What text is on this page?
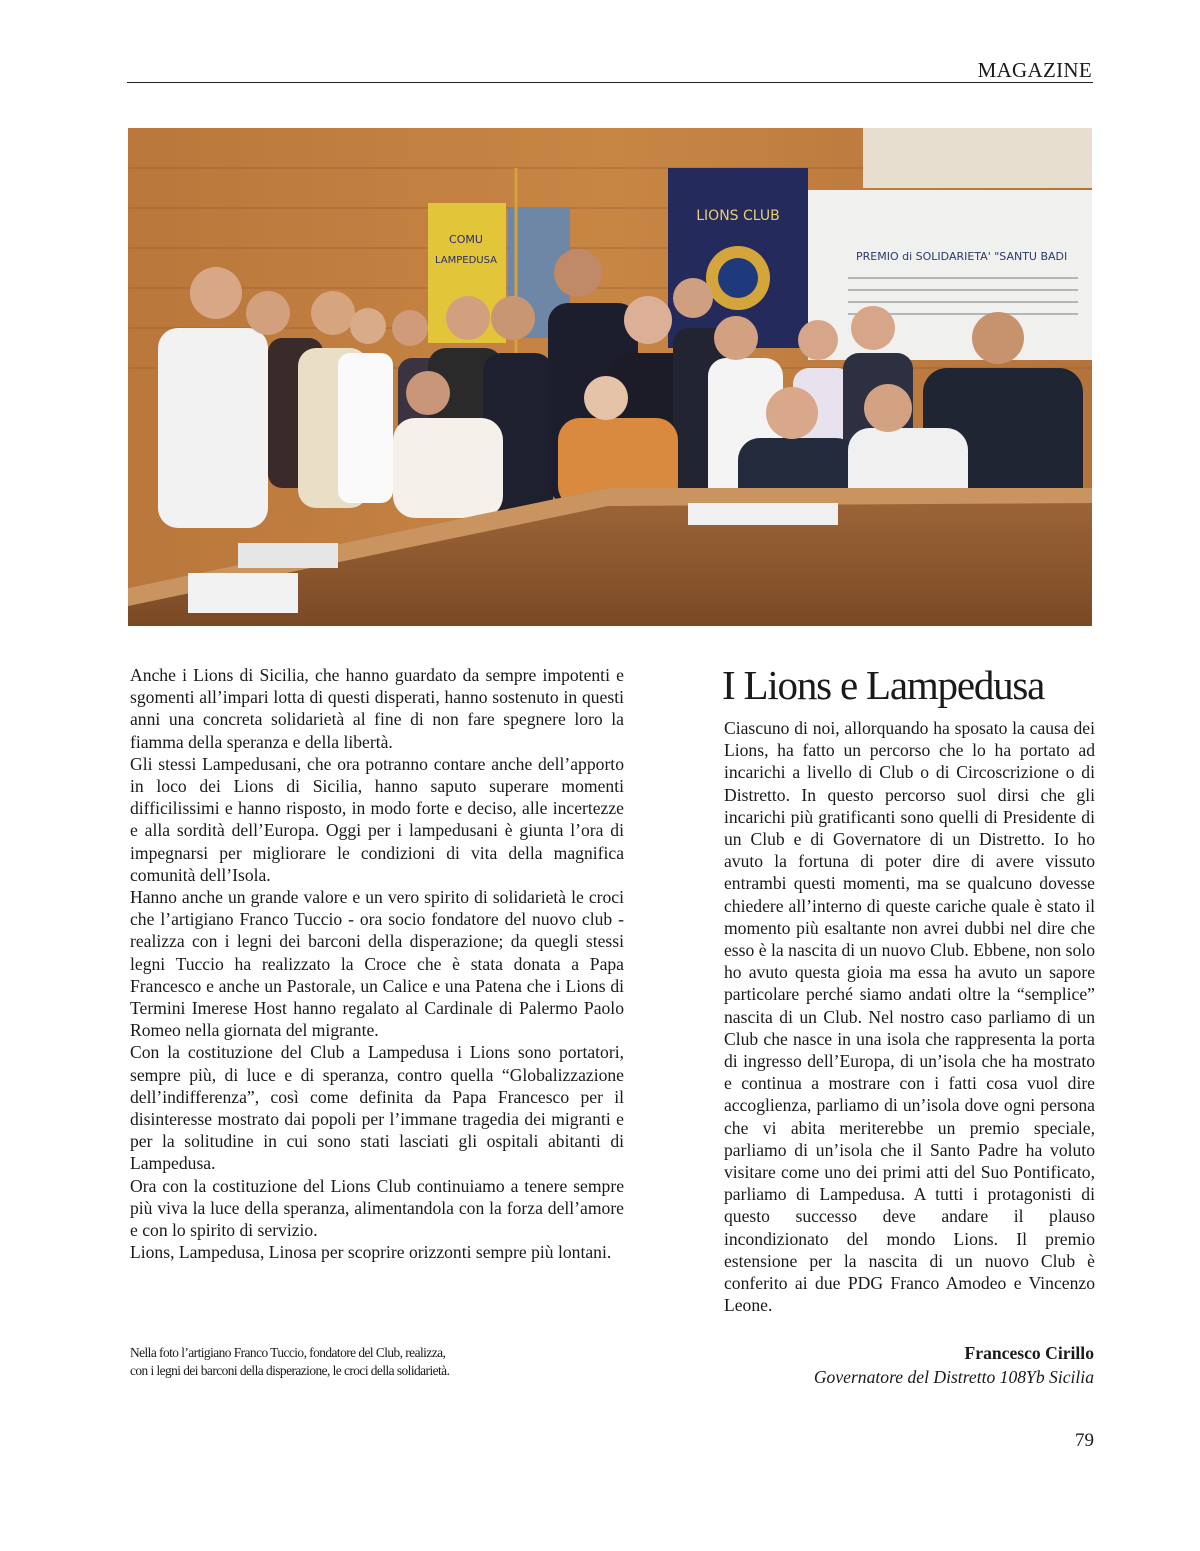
MAGAZINE
COMU
LAMPEDUSA
LIONS CLUB
PREMIO di SOLIDARIETA' "SANTU BADI

Anche i Lions di Sicilia, che hanno guardato da sempre impotenti e sgomenti all’impari lotta di questi disperati, hanno sostenuto in questi anni una concreta solidarietà al fine di non fare spegnere loro la fiamma della speranza e della libertà.

Gli stessi Lampedusani, che ora potranno contare anche dell’apporto in loco dei Lions di Sicilia, hanno saputo superare momenti difficilissimi e hanno risposto, in modo forte e deciso, alle incertezze e alla sordità dell’Europa. Oggi per i lampedusani è giunta l’ora di impegnarsi per migliorare le condizioni di vita della magnifica comunità dell’Isola.

Hanno anche un grande valore e un vero spirito di solidarietà le croci che l’artigiano Franco Tuccio - ora socio fondatore del nuovo club - realizza con i legni dei barconi della disperazione; da quegli stessi legni Tuccio ha realizzato la Croce che è stata donata a Papa Francesco e anche un Pastorale, un Calice e una Patena che i Lions di Termini Imerese Host hanno regalato al Cardinale di Palermo Paolo Romeo nella giornata del migrante.

Con la costituzione del Club a Lampedusa i Lions sono portatori, sempre più, di luce e di speranza, contro quella “Globalizzazione dell’indifferenza”, così come definita da Papa Francesco per il disinteresse mostrato dai popoli per l’immane tragedia dei migranti e per la solitudine in cui sono stati lasciati gli ospitali abitanti di Lampedusa.

Ora con la costituzione del Lions Club continuiamo a tenere sempre più viva la luce della speranza, alimentandola con la forza dell’amore e con lo spirito di servizio.

Lions, Lampedusa, Linosa per scoprire orizzonti sempre più lontani.

Nella foto l’artigiano Franco Tuccio, fondatore del Club, realizza,

con i legni dei barconi della disperazione, le croci della solidarietà.

I Lions e Lampedusa

Ciascuno di noi, allorquando ha sposato la causa dei Lions, ha fatto un percorso che lo ha portato ad incarichi a livello di Club o di Circoscrizione o di Distretto. In questo percorso suol dirsi che gli incarichi più gratificanti sono quelli di Presidente di un Club e di Governatore di un Distretto. Io ho avuto la fortuna di poter dire di avere vissuto entrambi questi momenti, ma se qualcuno dovesse chiedere all’interno di queste cariche quale è stato il momento più esaltante non avrei dubbi nel dire che esso è la nascita di un nuovo Club. Ebbene, non solo ho avuto questa gioia ma essa ha avuto un sapore particolare perché siamo andati oltre la “semplice” nascita di un Club. Nel nostro caso parliamo di un Club che nasce in una isola che rappresenta la porta di ingresso dell’Europa, di un’isola che ha mostrato e continua a mostrare con i fatti cosa vuol dire accoglienza, parliamo di un’isola dove ogni persona che vi abita meriterebbe un premio speciale, parliamo di un’isola che il Santo Padre ha voluto visitare come uno dei primi atti del Suo Pontificato, parliamo di Lampedusa. A tutti i protagonisti di questo successo deve andare il plauso incondizionato del mondo Lions. Il premio estensione per la nascita di un nuovo Club è conferito ai due PDG Franco Amodeo e Vincenzo Leone.

Francesco Cirillo
Governatore del Distretto 108Yb Sicilia
79
